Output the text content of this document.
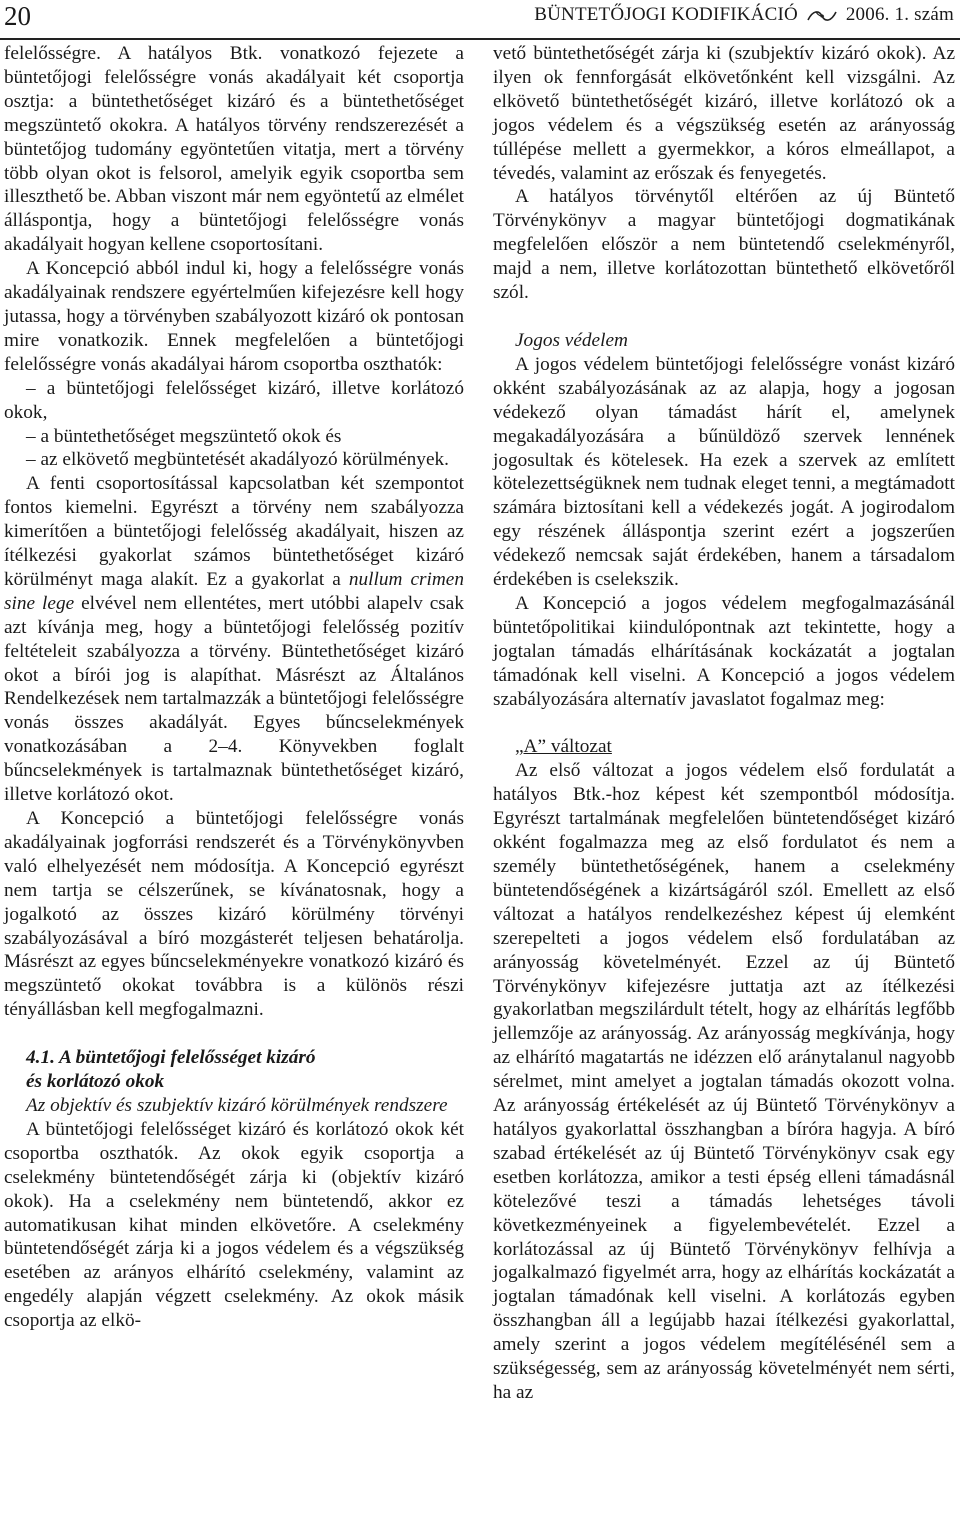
20	BÜNTETŐJOGI KODIFIKÁCIÓ	2006. 1. szám

felelősségre. A hatályos Btk. vonatkozó fejezete a büntetőjogi felelősségre vonás akadályait két csoportja osztja: a büntethetőséget kizáró és a büntethetőséget megszüntető okokra. A hatályos törvény rendszerezését a büntetőjog tudomány egyöntetűen vitatja, mert a törvény több olyan okot is felsorol, amelyik egyik csoportba sem illeszthető be. Abban viszont már nem egyöntetű az elmélet álláspontja, hogy a büntetőjogi felelősségre vonás akadályait hogyan kellene csoportosítani.

A Koncepció abból indul ki, hogy a felelősségre vonás akadályainak rendszere egyértelműen kifejezésre kell hogy jutassa, hogy a törvényben szabályozott kizáró ok pontosan mire vonatkozik. Ennek megfelelően a büntetőjogi felelősségre vonás akadályai három csoportba oszthatók:

– a büntetőjogi felelősséget kizáró, illetve korlátozó okok,

– a büntethetőséget megszüntető okok és

– az elkövető megbüntetését akadályozó körülmények.

A fenti csoportosítással kapcsolatban két szempontot fontos kiemelni. Egyrészt a törvény nem szabályozza kimerítően a büntetőjogi felelősség akadályait, hiszen az ítélkezési gyakorlat számos büntethetőséget kizáró körülményt maga alakít. Ez a gyakorlat a nullum crimen sine lege elvével nem ellentétes, mert utóbbi alapelv csak azt kívánja meg, hogy a büntetőjogi felelősség pozitív feltételeit szabályozza a törvény. Büntethetőséget kizáró okot a bírói jog is alapíthat. Másrészt az Általános Rendelkezések nem tartalmazzák a büntetőjogi felelősségre vonás összes akadályát. Egyes bűncselekmények vonatkozásában a 2–4. Könyvekben foglalt bűncselekmények is tartalmaznak büntethetőséget kizáró, illetve korlátozó okot.

A Koncepció a büntetőjogi felelősségre vonás akadályainak jogforrási rendszerét és a Törvénykönyvben való elhelyezését nem módosítja. A Koncepció egyrészt nem tartja se célszerűnek, se kívánatosnak, hogy a jogalkotó az összes kizáró körülmény törvényi szabályozásával a bíró mozgásterét teljesen behatárolja. Másrészt az egyes bűncselekményekre vonatkozó kizáró és megszüntető okokat továbbra is a különös részi tényállásban kell megfogalmazni.

4.1. A büntetőjogi felelősséget kizáró
és korlátozó okok
Az objektív és szubjektív kizáró körülmények rendszere

A büntetőjogi felelősséget kizáró és korlátozó okok két csoportba oszthatók. Az okok egyik csoportja a cselekmény büntetendőségét zárja ki (objektív kizáró okok). Ha a cselekmény nem büntetendő, akkor ez automatikusan kihat minden elkövetőre. A cselekmény büntetendőségét zárja ki a jogos védelem és a végszükség esetében az arányos elhárító cselekmény, valamint az engedély alapján végzett cselekmény. Az okok másik csoportja az elkö-

vető büntethetőségét zárja ki (szubjektív kizáró okok). Az ilyen ok fennforgását elkövetőnként kell vizsgálni. Az elkövető büntethetőségét kizáró, illetve korlátozó ok a jogos védelem és a végszükség esetén az arányosság túllépése mellett a gyermekkor, a kóros elmeállapot, a tévedés, valamint az erőszak és fenyegetés.

A hatályos törvénytől eltérően az új Büntető Törvénykönyv a magyar büntetőjogi dogmatikának megfelelően először a nem büntetendő cselekményről, majd a nem, illetve korlátozottan büntethető elkövetőről szól.

Jogos védelem

A jogos védelem büntetőjogi felelősségre vonást kizáró okként szabályozásának az az alapja, hogy a jogosan védekező olyan támadást hárít el, amelynek megakadályozására a bűnüldöző szervek lennének jogosultak és kötelesek. Ha ezek a szervek az említett kötelezettségüknek nem tudnak eleget tenni, a megtámadott számára biztosítani kell a védekezés jogát. A jogirodalom egy részének álláspontja szerint ezért a jogszerűen védekező nemcsak saját érdekében, hanem a társadalom érdekében is cselekszik.

A Koncepció a jogos védelem megfogalmazásánál büntetőpolitikai kiindulópontnak azt tekintette, hogy a jogtalan támadás elhárításának kockázatát a jogtalan támadónak kell viselni. A Koncepció a jogos védelem szabályozására alternatív javaslatot fogalmaz meg:

„A” változat

Az első változat a jogos védelem első fordulatát a hatályos Btk.-hoz képest két szempontból módosítja. Egyrészt tartalmának megfelelően büntetendőséget kizáró okként fogalmazza meg az első fordulatot és nem a személy büntethetőségének, hanem a cselekmény büntetendőségének a kizártságáról szól. Emellett az első változat a hatályos rendelkezéshez képest új elemként szerepelteti a jogos védelem első fordulatában az arányosság követelményét. Ezzel az új Büntető Törvénykönyv kifejezésre juttatja azt az ítélkezési gyakorlatban megszilárdult tételt, hogy az elhárítás legfőbb jellemzője az arányosság. Az arányosság megkívánja, hogy az elhárító magatartás ne idézzen elő aránytalanul nagyobb sérelmet, mint amelyet a jogtalan támadás okozott volna. Az arányosság értékelését az új Büntető Törvénykönyv a hatályos gyakorlattal összhangban a bíróra hagyja. A bíró szabad értékelését az új Büntető Törvénykönyv csak egy esetben korlátozza, amikor a testi épség elleni támadásnál kötelezővé teszi a támadás lehetséges távoli következményeinek a figyelembevételét. Ezzel a korlátozással az új Büntető Törvénykönyv felhívja a jogalkalmazó figyelmét arra, hogy az elhárítás kockázatát a jogtalan támadónak kell viselni. A korlátozás egyben összhangban áll a legújabb hazai ítélkezési gyakorlattal, amely szerint a jogos védelem megítélésénél sem a szükségesség, sem az arányosság követelményét nem sérti, ha az
